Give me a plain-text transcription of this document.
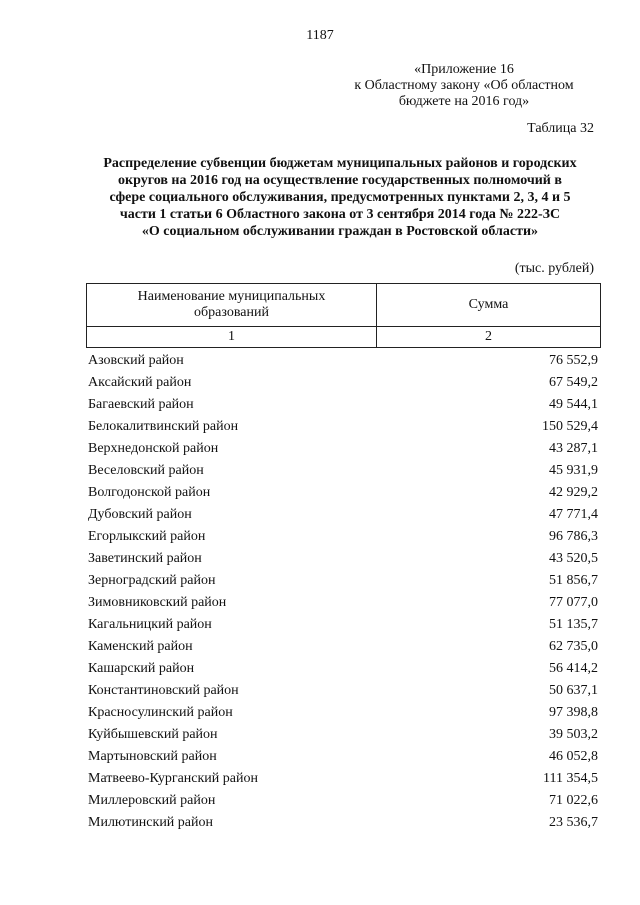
1187
«Приложение 16
к Областному закону «Об областном
бюджете на 2016 год»
Таблица 32
Распределение субвенции бюджетам муниципальных районов и городских
округов на 2016 год на осуществление государственных полномочий в
сфере социального обслуживания, предусмотренных пунктами 2, 3, 4 и 5
части 1 статьи 6 Областного закона от 3 сентября 2014 года № 222-ЗС
«О социальном обслуживании граждан в Ростовской области»
(тыс. рублей)
Наименование муниципальных
образований	Сумма
1	2
Азовский район	76 552,9
Аксайский район	67 549,2
Багаевский район	49 544,1
Белокалитвинский район	150 529,4
Верхнедонской район	43 287,1
Веселовский район	45 931,9
Волгодонской район	42 929,2
Дубовский район	47 771,4
Егорлыкский район	96 786,3
Заветинский район	43 520,5
Зерноградский район	51 856,7
Зимовниковский район	77 077,0
Кагальницкий район	51 135,7
Каменский район	62 735,0
Кашарский район	56 414,2
Константиновский район	50 637,1
Красносулинский район	97 398,8
Куйбышевский район	39 503,2
Мартыновский район	46 052,8
Матвеево-Курганский район	111 354,5
Миллеровский район	71 022,6
Милютинский район	23 536,7
